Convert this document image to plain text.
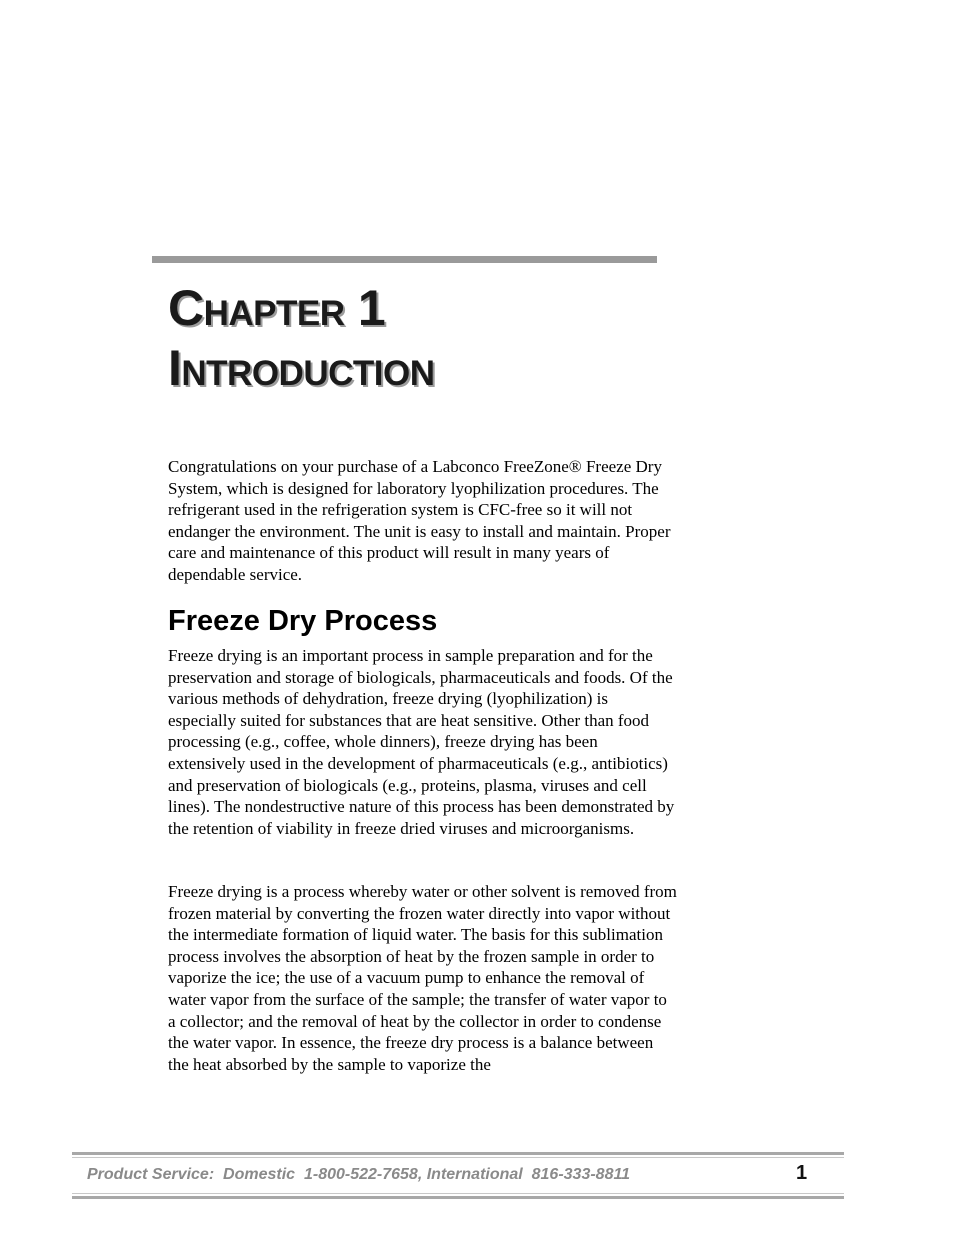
Chapter 1
Introduction

Congratulations on your purchase of a Labconco FreeZone® Freeze Dry System, which is designed for laboratory lyophilization procedures. The refrigerant used in the refrigeration system is CFC-free so it will not endanger the environment. The unit is easy to install and maintain. Proper care and maintenance of this product will result in many years of dependable service.

Freeze Dry Process

Freeze drying is an important process in sample preparation and for the preservation and storage of biologicals, pharmaceuticals and foods. Of the various methods of dehydration, freeze drying (lyophilization) is especially suited for substances that are heat sensitive. Other than food processing (e.g., coffee, whole dinners), freeze drying has been extensively used in the development of pharmaceuticals (e.g., antibiotics) and preservation of biologicals (e.g., proteins, plasma, viruses and cell lines). The nondestructive nature of this process has been demonstrated by the retention of viability in freeze dried viruses and microorganisms.

Freeze drying is a process whereby water or other solvent is removed from frozen material by converting the frozen water directly into vapor without the intermediate formation of liquid water. The basis for this sublimation process involves the absorption of heat by the frozen sample in order to vaporize the ice; the use of a vacuum pump to enhance the removal of water vapor from the surface of the sample; the transfer of water vapor to a collector; and the removal of heat by the collector in order to condense the water vapor. In essence, the freeze dry process is a balance between the heat absorbed by the sample to vaporize the

Product Service:  Domestic  1-800-522-7658, International  816-333-8811	1
